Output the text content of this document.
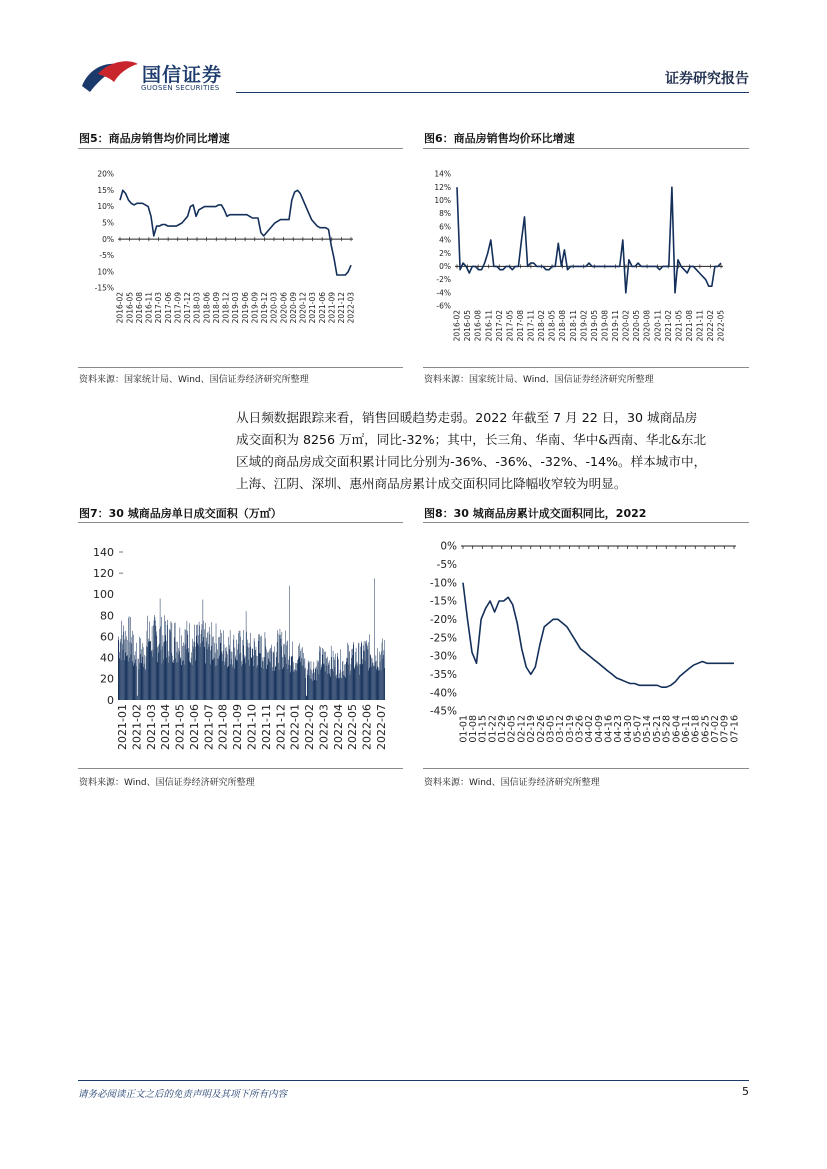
国信证券
GUOSEN SECURITIES
证券研究报告
图5：商品房销售均价同比增速
20%
15%
10%
5%
0%
-5%
10%
-15%
2016-02 2016-05 2016-08 2016-11 2017-03 2017-06 2017-09 2017-12 2018-03 2018-06 2018-09 2018-12 2019-03 2019-06 2019-09 2019-12 2020-03 2020-06 2020-09 2020-12 2021-03 2021-06 2021-09 2021-12 2022-03
资料来源：国家统计局、Wind、国信证券经济研究所整理
图6：商品房销售均价环比增速
14%
12%
10%
8%
6%
4%
2%
0%
-2%
-4%
-6%
2016-02 2016-05 2016-08 2016-11 2017-02 2017-05 2017-08 2017-11 2018-02 2018-05 2018-08 2018-11 2019-02 2019-05 2019-08 2019-11 2020-02 2020-05 2020-08 2020-11 2021-02 2021-05 2021-08 2021-11 2022-02 2022-05
资料来源：国家统计局、Wind、国信证券经济研究所整理

从日频数据跟踪来看，销售回暖趋势走弱。2022 年截至 7 月 22 日，30 城商品房

成交面积为 8256 万㎡，同比-32%；其中，长三角、华南、华中&西南、华北&东北

区域的商品房成交面积累计同比分别为-36%、-36%、-32%、-14%。样本城市中，

上海、江阴、深圳、惠州商品房累计成交面积同比降幅收窄较为明显。

图7：30 城商品房单日成交面积（万㎡）
140
120
100
80
60
40
20
0
2021-01 2021-02 2021-03 2021-04 2021-05 2021-06 2021-07 2021-08 2021-09 2021-10 2021-11 2021-12 2022-01 2022-02 2022-03 2022-04 2022-05 2022-06 2022-07
资料来源：Wind、国信证券经济研究所整理
图8：30 城商品房累计成交面积同比，2022
0%
-5%
-10%
-15%
-20%
-25%
-30%
-35%
-40%
-45%
01-01
01-08
01-15
01-22
01-29
02-05
02-12
02-19
02-26
03-05
03-12
03-19
03-26
04-02
04-09
04-16
04-23
04-30
05-07
05-14
05-21
05-28
06-04
06-11
06-18
06-25
07-02
07-09
07-16
资料来源：Wind、国信证券经济研究所整理
请务必阅读正文之后的免责声明及其项下所有内容	5
